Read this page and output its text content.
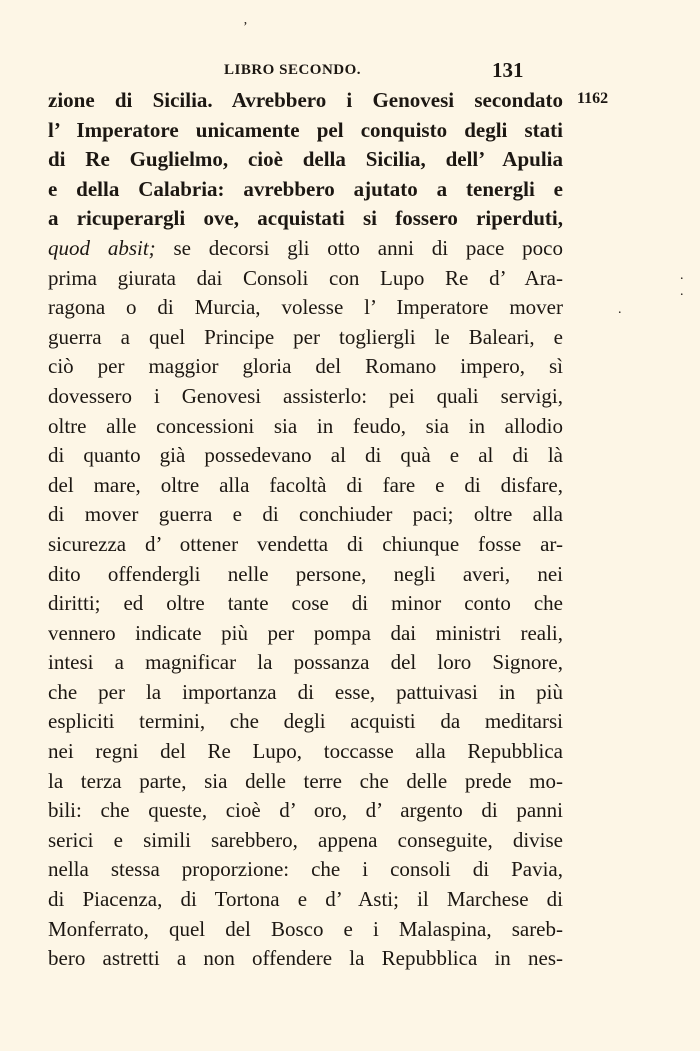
’
LIBRO SECONDO.	131
1162
zione di Sicilia. Avrebbero i Genovesi secondato
l’ Imperatore unicamente pel conquisto degli stati
di Re Guglielmo, cioè della Sicilia, dell’ Apulia
e della Calabria: avrebbero ajutato a tenergli e
a ricuperargli ove, acquistati si fossero riperduti,
quod absit; se decorsi gli otto anni di pace poco
prima giurata dai Consoli con Lupo Re d’ Ara-
ragona o di Murcia, volesse l’ Imperatore mover
guerra a quel Principe per togliergli le Baleari, e
ciò per maggior gloria del Romano impero, sì
dovessero i Genovesi assisterlo: pei quali servigi,
oltre alle concessioni sia in feudo, sia in allodio
di quanto già possedevano al di quà e al di là
del mare, oltre alla facoltà di fare e di disfare,
di mover guerra e di conchiuder paci; oltre alla
sicurezza d’ ottener vendetta di chiunque fosse ar-
dito offendergli nelle persone, negli averi, nei
diritti; ed oltre tante cose di minor conto che
vennero indicate più per pompa dai ministri reali,
intesi a magnificar la possanza del loro Signore,
che per la importanza di esse, pattuivasi in più
espliciti termini, che degli acquisti da meditarsi
nei regni del Re Lupo, toccasse alla Repubblica
la terza parte, sia delle terre che delle prede mo-
bili: che queste, cioè d’ oro, d’ argento di panni
serici e simili sarebbero, appena conseguite, divise
nella stessa proporzione: che i consoli di Pavia,
di Piacenza, di Tortona e d’ Asti; il Marchese di
Monferrato, quel del Bosco e i Malaspina, sareb-
bero astretti a non offendere la Repubblica in nes-
.
.
.
